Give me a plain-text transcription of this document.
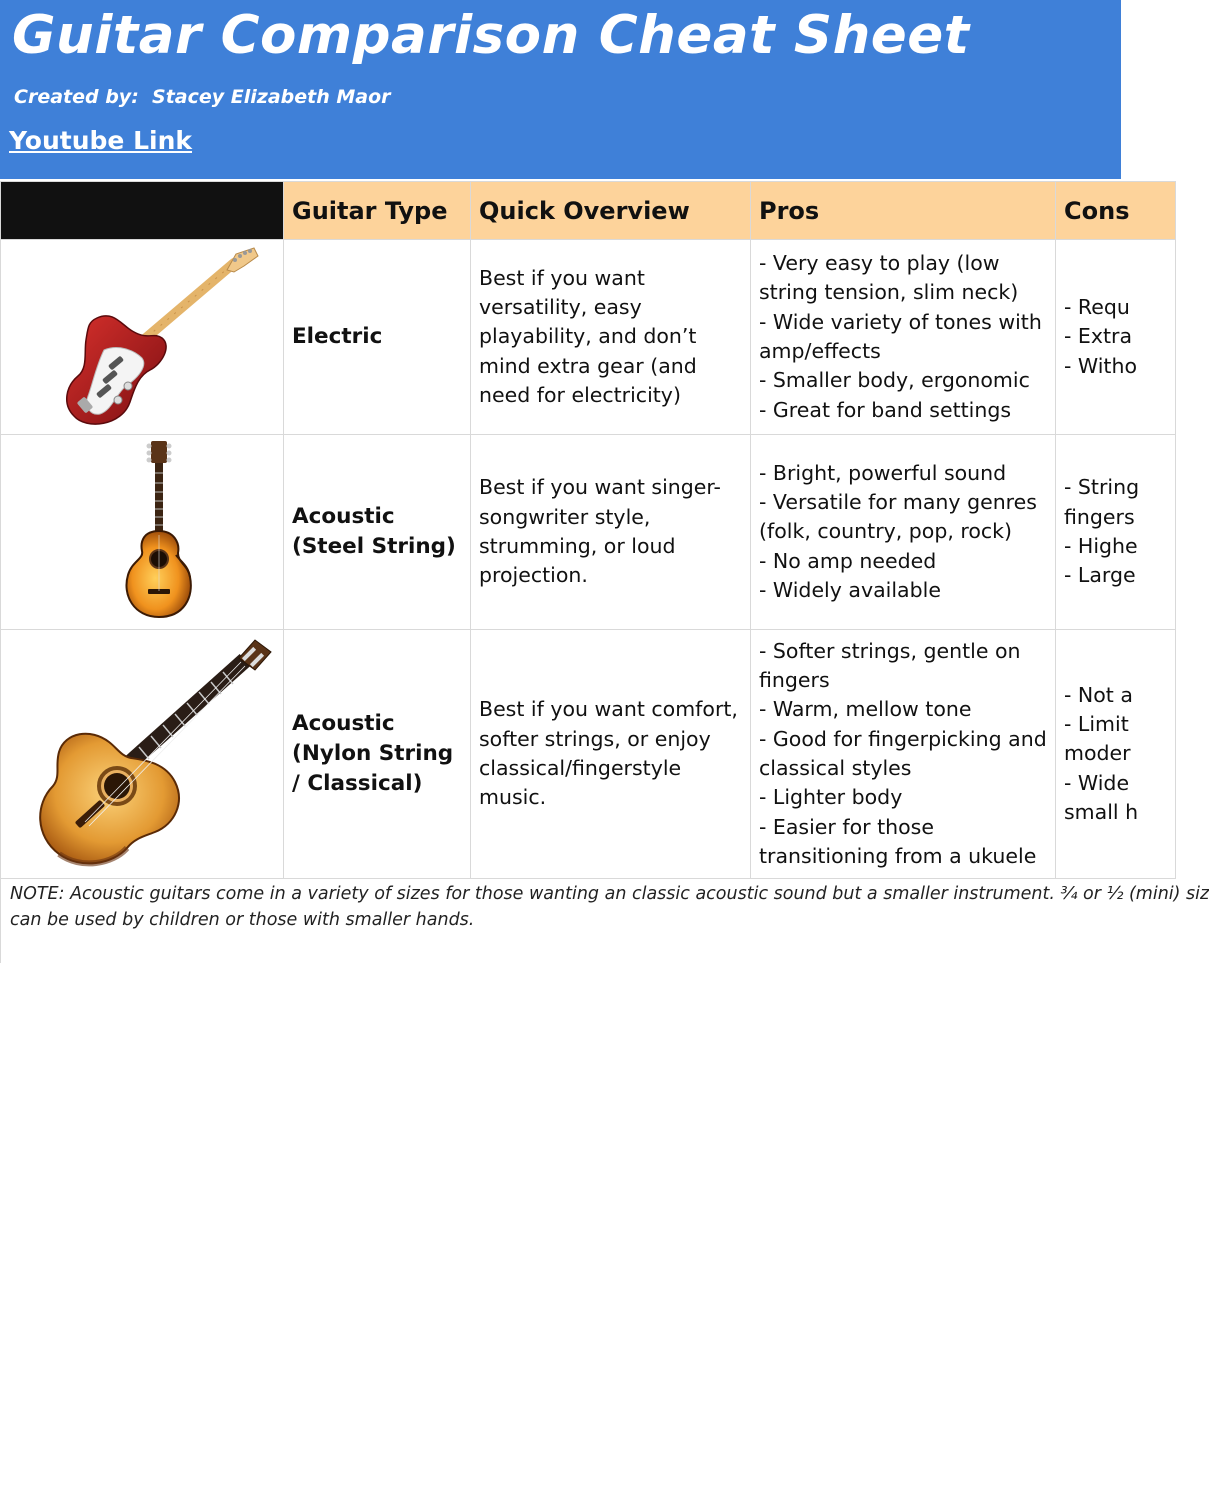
Guitar Comparison Cheat Sheet
Created by:  Stacey Elizabeth Maor
Youtube Link
	Guitar Type	Quick Overview	Pros	Cons
	Electric	Best if you want versatility, easy playability, and don’t mind extra gear (and need for electricity)	- Very easy to play (low string tension, slim neck)
- Wide variety of tones with amp/effects
- Smaller body, ergonomic
- Great for band settings	- Requ
- Extra
- Witho

	Acoustic (Steel String)	Best if you want singer-songwriter style, strumming, or loud projection.	- Bright, powerful sound
- Versatile for many genres (folk, country, pop, rock)
- No amp needed
- Widely available	- String
fingers
- Highe
- Large

	Acoustic (Nylon String / Classical)	Best if you want comfort, softer strings, or enjoy classical/fingerstyle music.	- Softer strings, gentle on fingers
- Warm, mellow tone
- Good for fingerpicking and classical styles
- Lighter body
- Easier for those transitioning from a ukuele	- Not a
- Limit
moder
- Wide
small h
NOTE: Acoustic guitars come in a variety of sizes for those wanting an classic acoustic sound but a smaller instrument. ¾ or ½ (mini) siz
can be used by children or those with smaller hands.
